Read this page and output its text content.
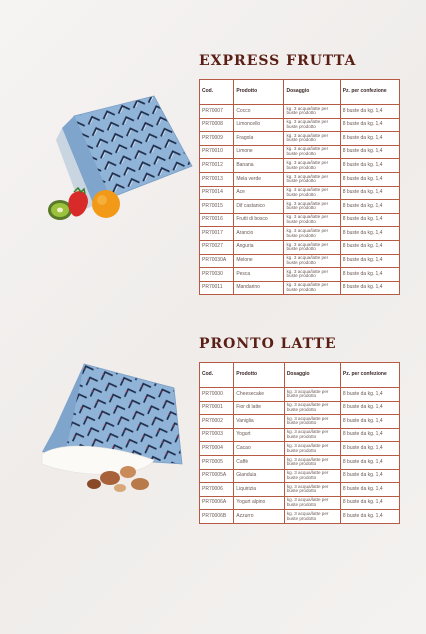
EXPRESS FRUTTA
Cod.	Prodotto	Dosaggio	Pz. per confezione
PR70007	Cocco	kg. 3 acqua/latte per buste prodotto	8 buste da kg. 1,4
PR70008	Limoncello	kg. 3 acqua/latte per buste prodotto	8 buste da kg. 1,4
PR70009	Fragola	kg. 3 acqua/latte per buste prodotto	8 buste da kg. 1,4
PR70010	Limone	kg. 3 acqua/latte per buste prodotto	8 buste da kg. 1,4
PR70012	Banana	kg. 3 acqua/latte per buste prodotto	8 buste da kg. 1,4
PR70013	Mela verde	kg. 3 acqua/latte per buste prodotto	8 buste da kg. 1,4
PR70014	Ace	kg. 3 acqua/latte per buste prodotto	8 buste da kg. 1,4
PR70015	Dif castanico	kg. 3 acqua/latte per buste prodotto	8 buste da kg. 1,4
PR70016	Frutti di bosco	kg. 3 acqua/latte per buste prodotto	8 buste da kg. 1,4
PR70017	Arancio	kg. 3 acqua/latte per buste prodotto	8 buste da kg. 1,4
PR70027	Anguria	kg. 3 acqua/latte per buste prodotto	8 buste da kg. 1,4
PR70030A	Melone	kg. 3 acqua/latte per buste prodotto	8 buste da kg. 1,4
PR70030	Pesca	kg. 3 acqua/latte per buste prodotto	8 buste da kg. 1,4
PR70011	Mandarino	kg. 3 acqua/latte per buste prodotto	8 buste da kg. 1,4
PRONTO LATTE
Cod.	Prodotto	Dosaggio	Pz. per confezione
PR70000	Cheesecake	kg. 3 acqua/latte per buste prodotto	8 buste da kg. 1,4
PR70001	Fior di latte	kg. 3 acqua/latte per buste prodotto	8 buste da kg. 1,4
PR70002	Vaniglia	kg. 3 acqua/latte per buste prodotto	8 buste da kg. 1,4
PR70003	Yogurt	kg. 3 acqua/latte per buste prodotto	8 buste da kg. 1,4
PR70004	Cacao	kg. 3 acqua/latte per buste prodotto	8 buste da kg. 1,4
PR70005	Caffè	kg. 3 acqua/latte per buste prodotto	8 buste da kg. 1,4
PR70005A	Gianduia	kg. 3 acqua/latte per buste prodotto	8 buste da kg. 1,4
PR70006	Liquirizia	kg. 3 acqua/latte per buste prodotto	8 buste da kg. 1,4
PR70006A	Yogurt alpino	kg. 3 acqua/latte per buste prodotto	8 buste da kg. 1,4
PR70006B	Azzurro	kg. 3 acqua/latte per buste prodotto	8 buste da kg. 1,4
